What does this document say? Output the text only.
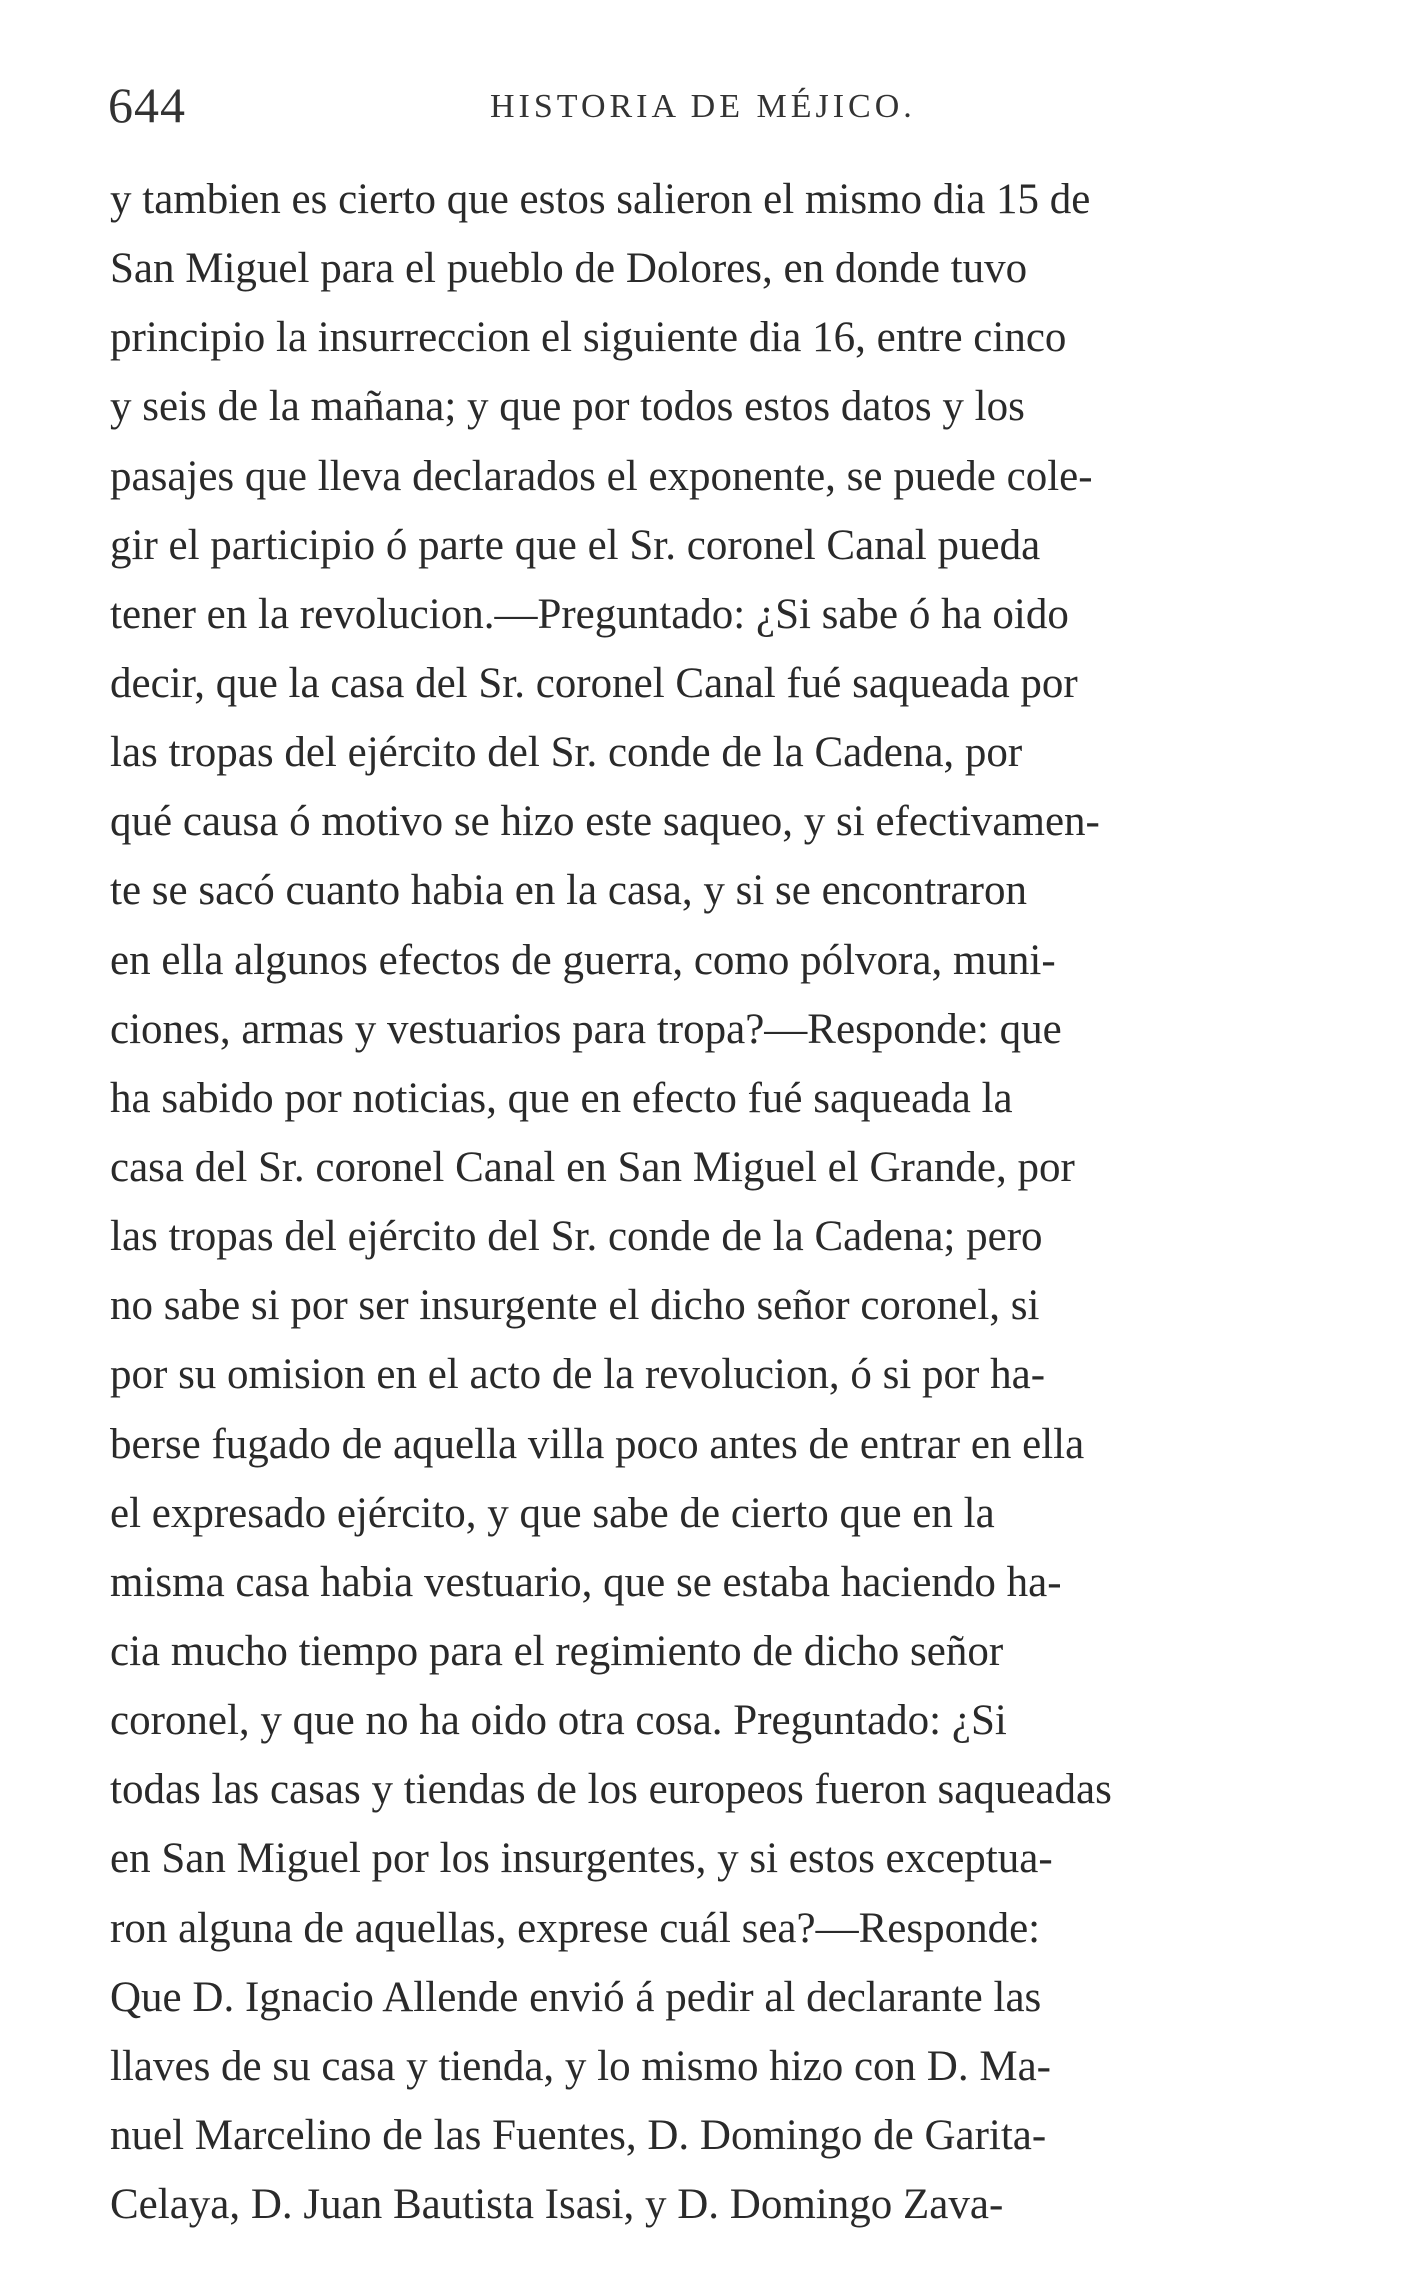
644	HISTORIA DE MÉJICO.
y tambien es cierto que estos salieron el mismo dia 15 de
San Miguel para el pueblo de Dolores, en donde tuvo
principio la insurreccion el siguiente dia 16, entre cinco
y seis de la mañana; y que por todos estos datos y los
pasajes que lleva declarados el exponente, se puede cole-
gir el participio ó parte que el Sr. coronel Canal pueda
tener en la revolucion.—Preguntado: ¿Si sabe ó ha oido
decir, que la casa del Sr. coronel Canal fué saqueada por
las tropas del ejército del Sr. conde de la Cadena, por
qué causa ó motivo se hizo este saqueo, y si efectivamen-
te se sacó cuanto habia en la casa, y si se encontraron
en ella algunos efectos de guerra, como pólvora, muni-
ciones, armas y vestuarios para tropa?—Responde: que
ha sabido por noticias, que en efecto fué saqueada la
casa del Sr. coronel Canal en San Miguel el Grande, por
las tropas del ejército del Sr. conde de la Cadena; pero
no sabe si por ser insurgente el dicho señor coronel, si
por su omision en el acto de la revolucion, ó si por ha-
berse fugado de aquella villa poco antes de entrar en ella
el expresado ejército, y que sabe de cierto que en la
misma casa habia vestuario, que se estaba haciendo ha-
cia mucho tiempo para el regimiento de dicho señor
coronel, y que no ha oido otra cosa. Preguntado: ¿Si
todas las casas y tiendas de los europeos fueron saqueadas
en San Miguel por los insurgentes, y si estos exceptua-
ron alguna de aquellas, exprese cuál sea?—Responde:
Que D. Ignacio Allende envió á pedir al declarante las
llaves de su casa y tienda, y lo mismo hizo con D. Ma-
nuel Marcelino de las Fuentes, D. Domingo de Garita-
Celaya, D. Juan Bautista Isasi, y D. Domingo Zava-
